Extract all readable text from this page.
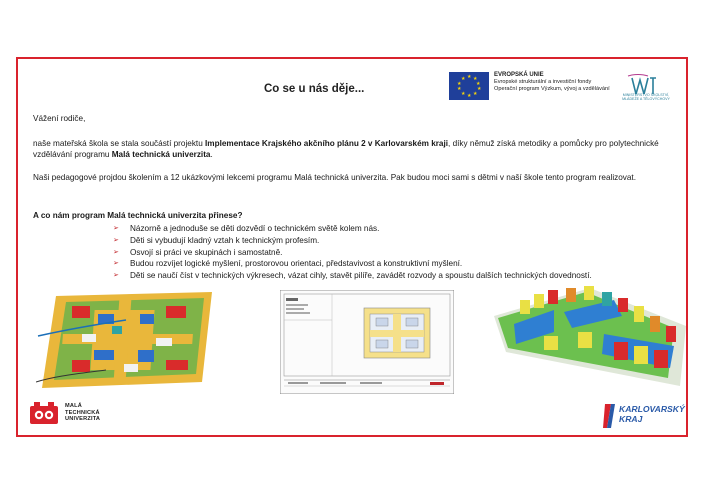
Co se u nás děje...
★ ★
★
★
★
★
★
★
★
★
EVROPSKÁ UNIE
Evropské strukturální a investiční fondy
Operační program Výzkum, vývoj a vzdělávání
MINISTERSTVO ŠKOLSTVÍ, MLÁDEŽE A TĚLOVÝCHOVY
Vážení rodiče,
naše mateřská škola se stala součástí projektu Implementace Krajského akčního plánu 2 v Karlovarském kraji, díky němuž získá metodiky a pomůcky pro polytechnické vzdělávání programu Malá technická univerzita.
Naši pedagogové projdou školením a 12 ukázkovými lekcemi programu Malá technická univerzita. Pak budou moci sami s dětmi v naší škole tento program realizovat.
A co nám program Malá technická univerzita přinese?
➢ Názorně a jednoduše se děti dozvědí o technickém světě kolem nás.
➢ Děti si vybudují kladný vztah k technickým profesím.
➢ Osvojí si práci ve skupinách i samostatně.
➢ Budou rozvíjet logické myšlení, prostorovou orientaci, představivost a konstruktivní myšlení.
➢ Děti se naučí číst v technických výkresech, vázat cihly, stavět pilíře, zavádět rozvody a spoustu dalších technických dovedností.
MALÁ
TECHNICKÁ
UNIVERZITA
KARLOVARSKÝ
KRAJ
